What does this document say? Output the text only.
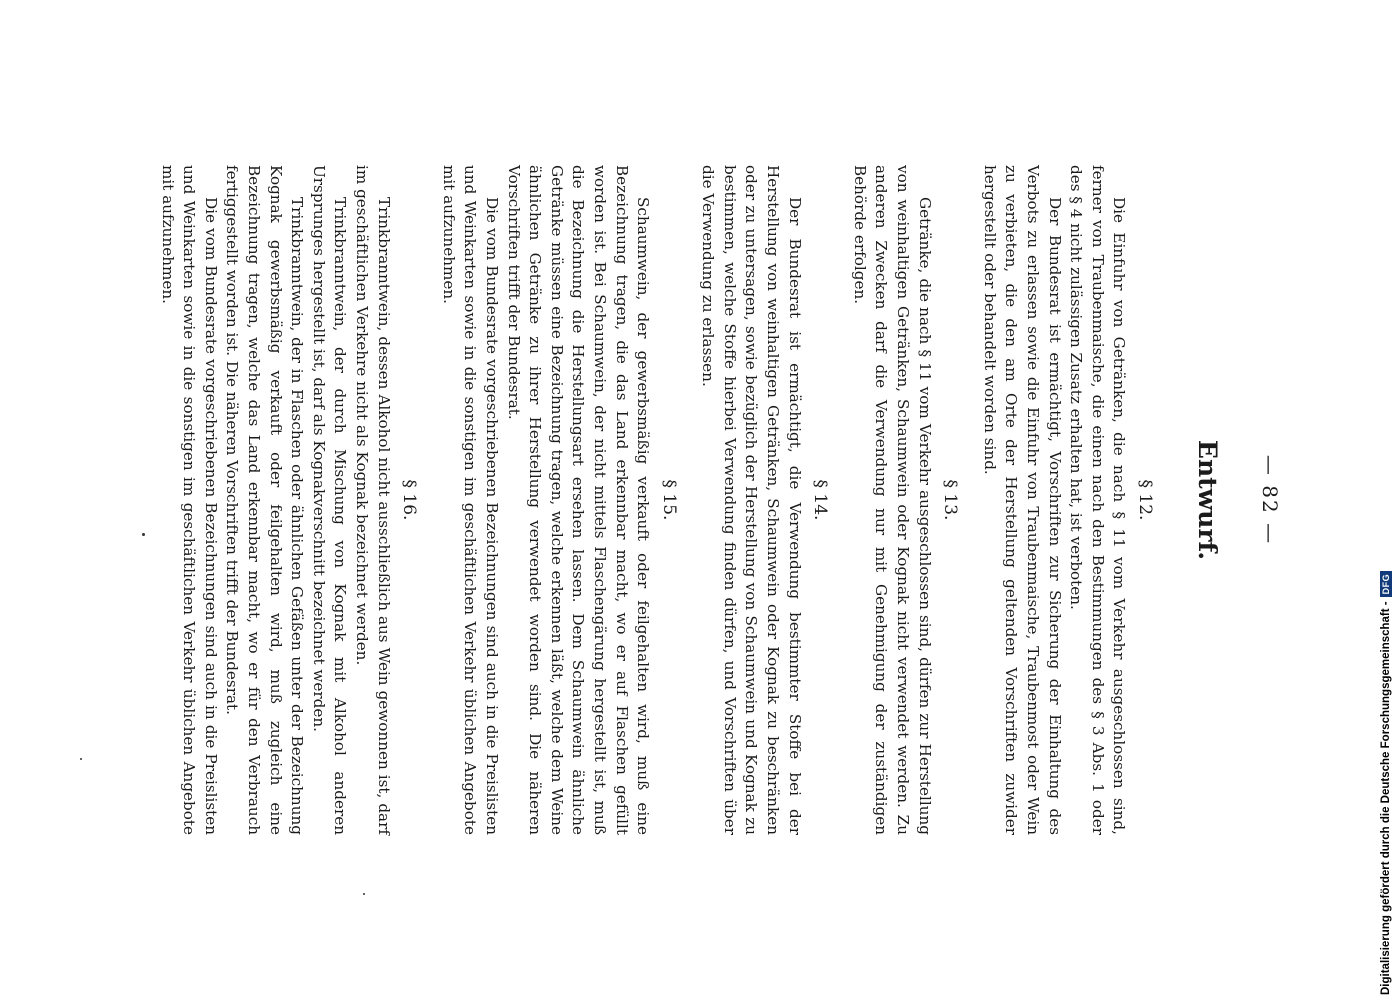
— 82 —
Entwurf.
§ 12.

Die Einfuhr von Getränken, die nach § 11 vom Verkehr ausgeschlossen sind, ferner von Traubenmaische, die einen nach den Bestimmungen des § 3 Abs. 1 oder des § 4 nicht zulässigen Zusatz erhalten hat, ist verboten.

Der Bundesrat ist ermächtigt, Vorschriften zur Sicherung der Einhaltung des Verbots zu erlassen sowie die Einfuhr von Traubenmaische, Traubenmost oder Wein zu verbieten, die den am Orte der Herstellung geltenden Vorschriften zuwider hergestellt oder behandelt worden sind.

§ 13.

Getränke, die nach § 11 vom Verkehr ausgeschlossen sind, dürfen zur Herstellung von weinhaltigen Getränken, Schaumwein oder Kognak nicht verwendet werden. Zu anderen Zwecken darf die Verwendung nur mit Genehmigung der zuständigen Behörde erfolgen.

§ 14.

Der Bundesrat ist ermächtigt, die Verwendung bestimmter Stoffe bei der Herstellung von weinhaltigen Getränken, Schaumwein oder Kognak zu beschränken oder zu untersagen, sowie bezüglich der Herstellung von Schaumwein und Kognak zu bestimmen, welche Stoffe hierbei Verwendung finden dürfen, und Vorschriften über die Verwendung zu erlassen.

§ 15.

Schaumwein, der gewerbsmäßig verkauft oder feilgehalten wird, muß eine Bezeichnung tragen, die das Land erkennbar macht, wo er auf Flaschen gefüllt worden ist. Bei Schaumwein, der nicht mittels Flaschengärung hergestellt ist, muß die Bezeichnung die Herstellungsart ersehen lassen. Dem Schaumwein ähnliche Getränke müssen eine Bezeichnung tragen, welche erkennen läßt, welche dem Weine ähnlichen Getränke zu ihrer Herstellung verwendet worden sind. Die näheren Vorschriften trifft der Bundesrat.

Die vom Bundesrate vorgeschriebenen Bezeichnungen sind auch in die Preislisten und Weinkarten sowie in die sonstigen im geschäftlichen Verkehr üblichen Angebote mit aufzunehmen.

§ 16.

Trinkbranntwein, dessen Alkohol nicht ausschließlich aus Wein gewonnen ist, darf im geschäftlichen Verkehre nicht als Kognak bezeichnet werden.

Trinkbranntwein, der durch Mischung von Kognak mit Alkohol anderen Ursprunges hergestellt ist, darf als Kognakverschnitt bezeichnet werden.

Trinkbranntwein, der in Flaschen oder ähnlichen Gefäßen unter der Bezeichnung Kognak gewerbsmäßig verkauft oder feilgehalten wird, muß zugleich eine Bezeichnung tragen, welche das Land erkennbar macht, wo er für den Verbrauch fertiggestellt worden ist. Die näheren Vorschriften trifft der Bundesrat.

Die vom Bundesrate vorgeschriebenen Bezeichnungen sind auch in die Preislisten und Weinkarten sowie in die sonstigen im geschäftlichen Verkehr üblichen Angebote mit aufzunehmen.

Digitalisierung gefördert durch die Deutsche Forschungsgemeinschaft -
DFG
